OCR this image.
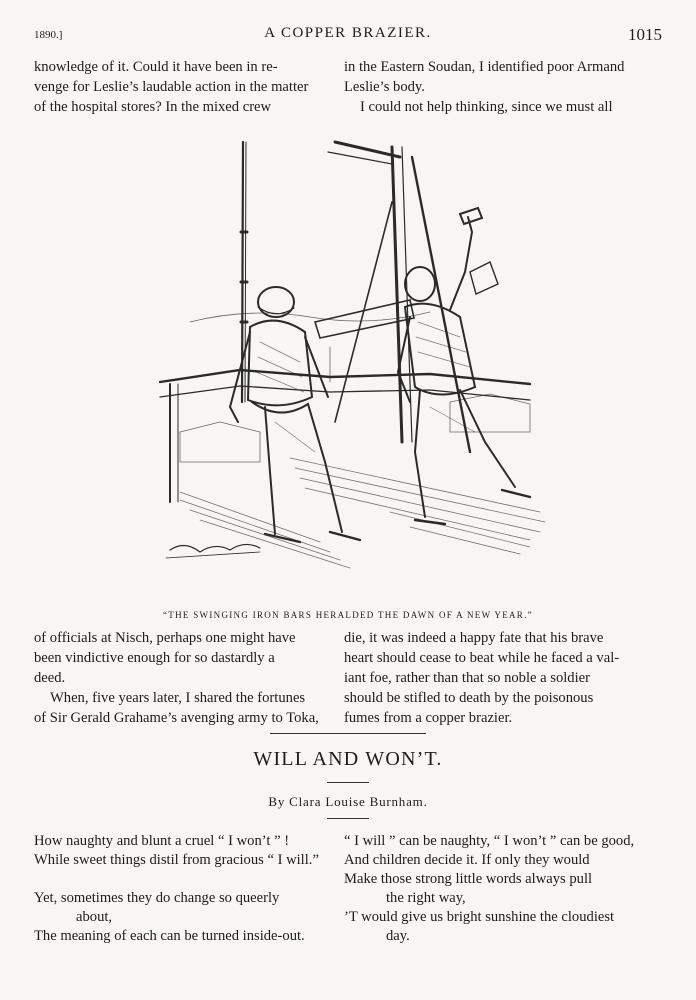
1890.]	A COPPER BRAZIER.	1015

knowledge of it. Could it have been in re-

venge for Leslie’s laudable action in the matter

of the hospital stores? In the mixed crew

in the Eastern Soudan, I identified poor Armand

Leslie’s body.

I could not help thinking, since we must all

“THE SWINGING IRON BARS HERALDED THE DAWN OF A NEW YEAR.”

of officials at Nisch, perhaps one might have

been vindictive enough for so dastardly a

deed.

When, five years later, I shared the fortunes

of Sir Gerald Grahame’s avenging army to Toka,

die, it was indeed a happy fate that his brave

heart should cease to beat while he faced a val-

iant foe, rather than that so noble a soldier

should be stifled to death by the poisonous

fumes from a copper brazier.

WILL AND WON’T.
By Clara Louise Burnham.
How naughty and blunt a cruel “ I won’t ” !
While sweet things distil from gracious “ I will.”
Yet, sometimes they do change so queerly
about,
The meaning of each can be turned inside-out.
“ I will ” can be naughty, “ I won’t ” can be good,
And children decide it. If only they would
Make those strong little words always pull
the right way,
’T would give us bright sunshine the cloudiest
day.
